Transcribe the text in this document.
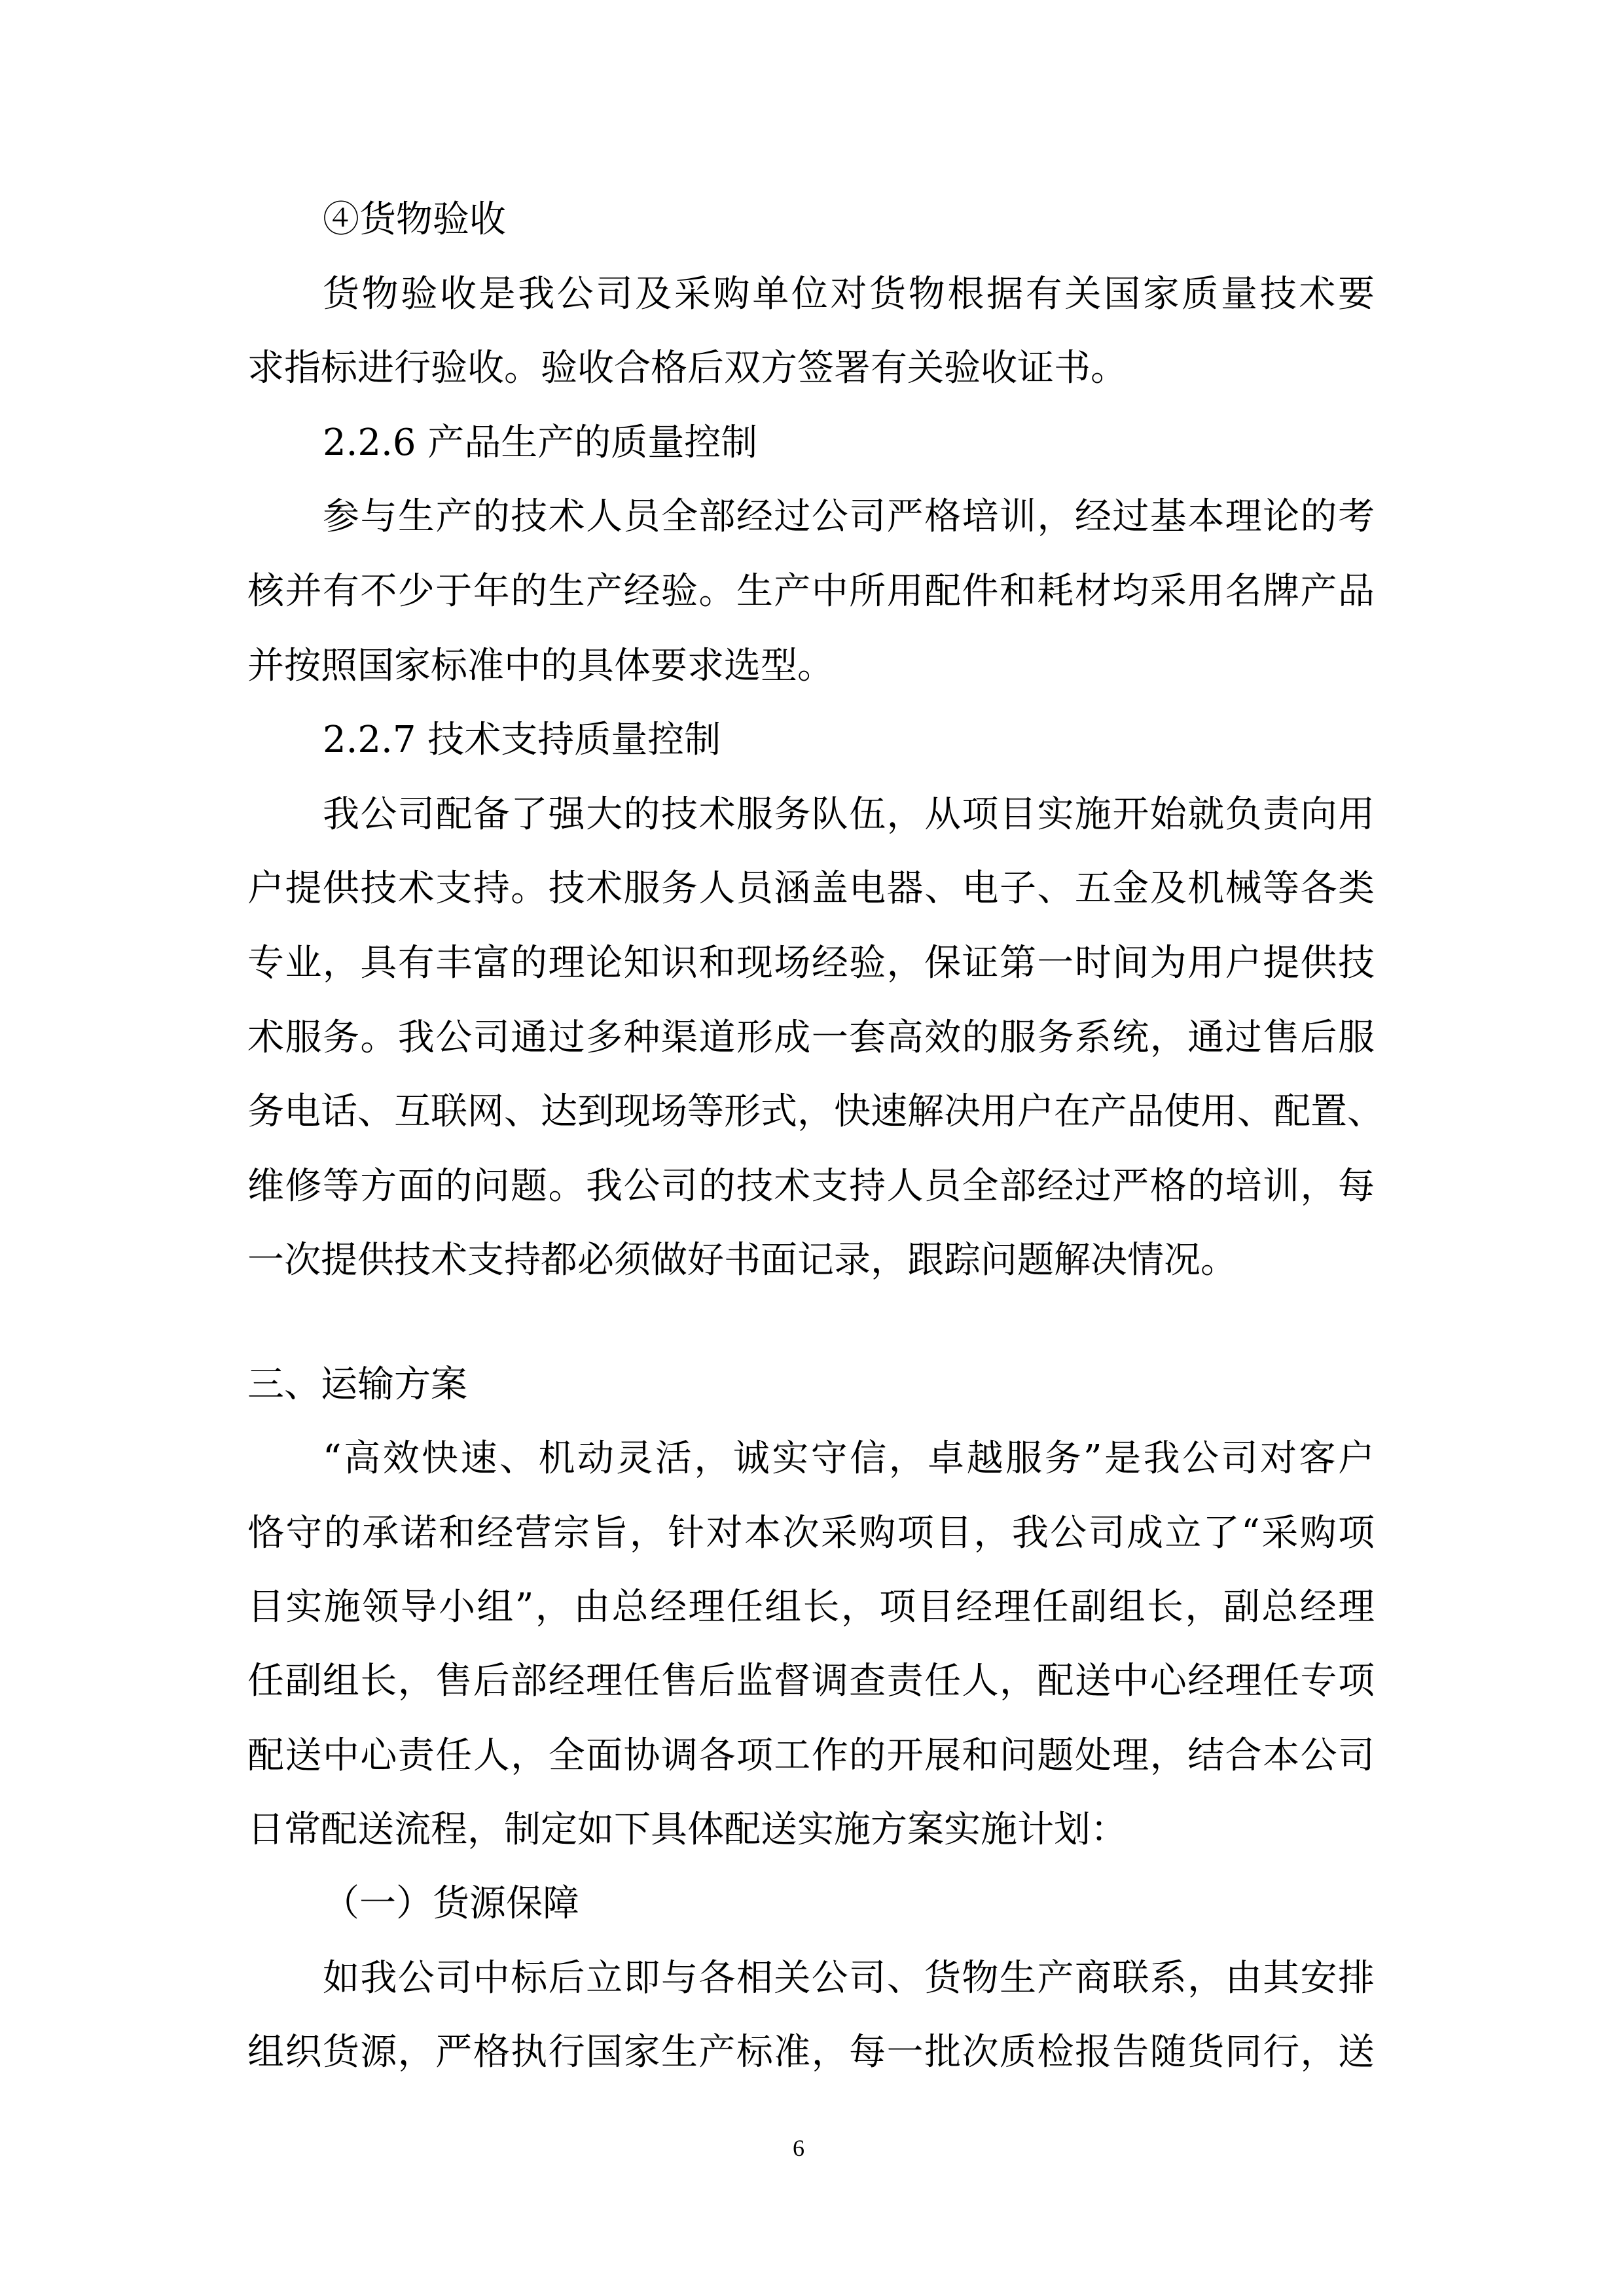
④货物验收
货物验收是我公司及采购单位对货物根据有关国家质量技术要
求指标进行验收。验收合格后双方签署有关验收证书。
2.2.6 产品生产的质量控制
参与生产的技术人员全部经过公司严格培训，经过基本理论的考
核并有不少于年的生产经验。生产中所用配件和耗材均采用名牌产品
并按照国家标准中的具体要求选型。
2.2.7 技术支持质量控制
我公司配备了强大的技术服务队伍，从项目实施开始就负责向用
户提供技术支持。技术服务人员涵盖电器、电子、五金及机械等各类
专业，具有丰富的理论知识和现场经验，保证第一时间为用户提供技
术服务。我公司通过多种渠道形成一套高效的服务系统，通过售后服
务电话、互联网、达到现场等形式，快速解决用户在产品使用、配置、
维修等方面的问题。我公司的技术支持人员全部经过严格的培训，每
一次提供技术支持都必须做好书面记录，跟踪问题解决情况。
三、运输方案
“高效快速、机动灵活，诚实守信，卓越服务”是我公司对客户
恪守的承诺和经营宗旨，针对本次采购项目，我公司成立了“采购项
目实施领导小组”，由总经理任组长，项目经理任副组长，副总经理
任副组长，售后部经理任售后监督调查责任人，配送中心经理任专项
配送中心责任人，全面协调各项工作的开展和问题处理，结合本公司
日常配送流程，制定如下具体配送实施方案实施计划：
（一）货源保障
如我公司中标后立即与各相关公司、货物生产商联系，由其安排
组织货源，严格执行国家生产标准，每一批次质检报告随货同行，送
6
